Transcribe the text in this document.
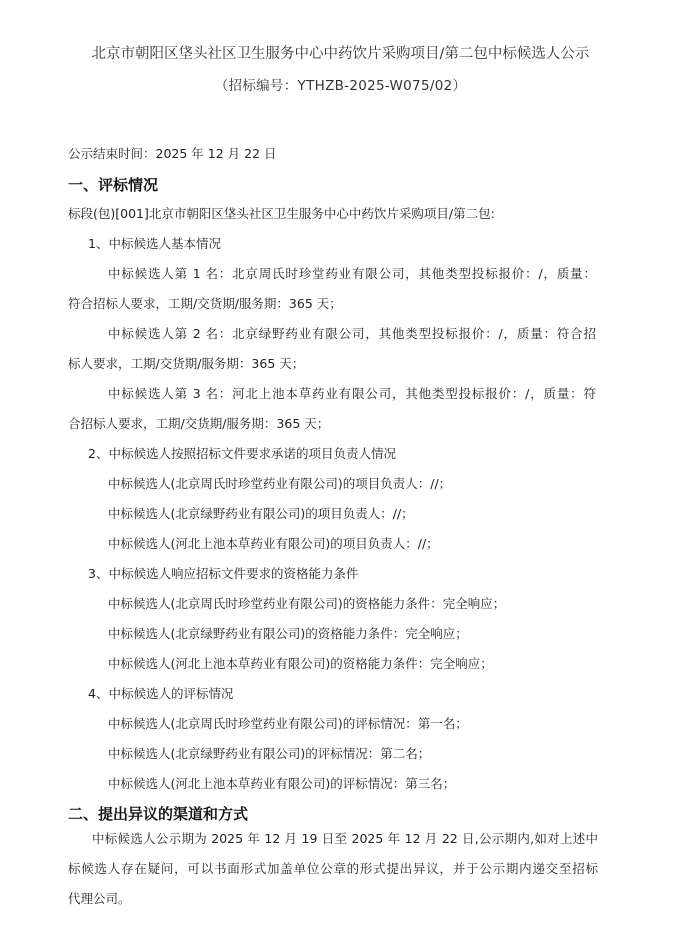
北京市朝阳区垡头社区卫生服务中心中药饮片采购项目/第二包中标候选人公示
（招标编号：YTHZB-2025-W075/02）
公示结束时间：2025 年 12 月 22 日
一、评标情况
标段(包)[001]北京市朝阳区垡头社区卫生服务中心中药饮片采购项目/第二包:
1、中标候选人基本情况
中标候选人第 1 名：北京周氏时珍堂药业有限公司，其他类型投标报价：/，质量：
符合招标人要求，工期/交货期/服务期：365 天；
中标候选人第 2 名：北京绿野药业有限公司，其他类型投标报价：/，质量：符合招
标人要求，工期/交货期/服务期：365 天；
中标候选人第 3 名：河北上池本草药业有限公司，其他类型投标报价：/，质量：符
合招标人要求，工期/交货期/服务期：365 天；
2、中标候选人按照招标文件要求承诺的项目负责人情况
中标候选人(北京周氏时珍堂药业有限公司)的项目负责人：//；
中标候选人(北京绿野药业有限公司)的项目负责人：//；
中标候选人(河北上池本草药业有限公司)的项目负责人：//；
3、中标候选人响应招标文件要求的资格能力条件
中标候选人(北京周氏时珍堂药业有限公司)的资格能力条件：完全响应；
中标候选人(北京绿野药业有限公司)的资格能力条件：完全响应；
中标候选人(河北上池本草药业有限公司)的资格能力条件：完全响应；
4、中标候选人的评标情况
中标候选人(北京周氏时珍堂药业有限公司)的评标情况：第一名；
中标候选人(北京绿野药业有限公司)的评标情况：第二名；
中标候选人(河北上池本草药业有限公司)的评标情况：第三名；
二、提出异议的渠道和方式
中标候选人公示期为 2025 年 12 月 19 日至 2025 年 12 月 22 日,公示期内,如对上述中
标候选人存在疑问，可以书面形式加盖单位公章的形式提出异议，并于公示期内递交至招标
代理公司。
